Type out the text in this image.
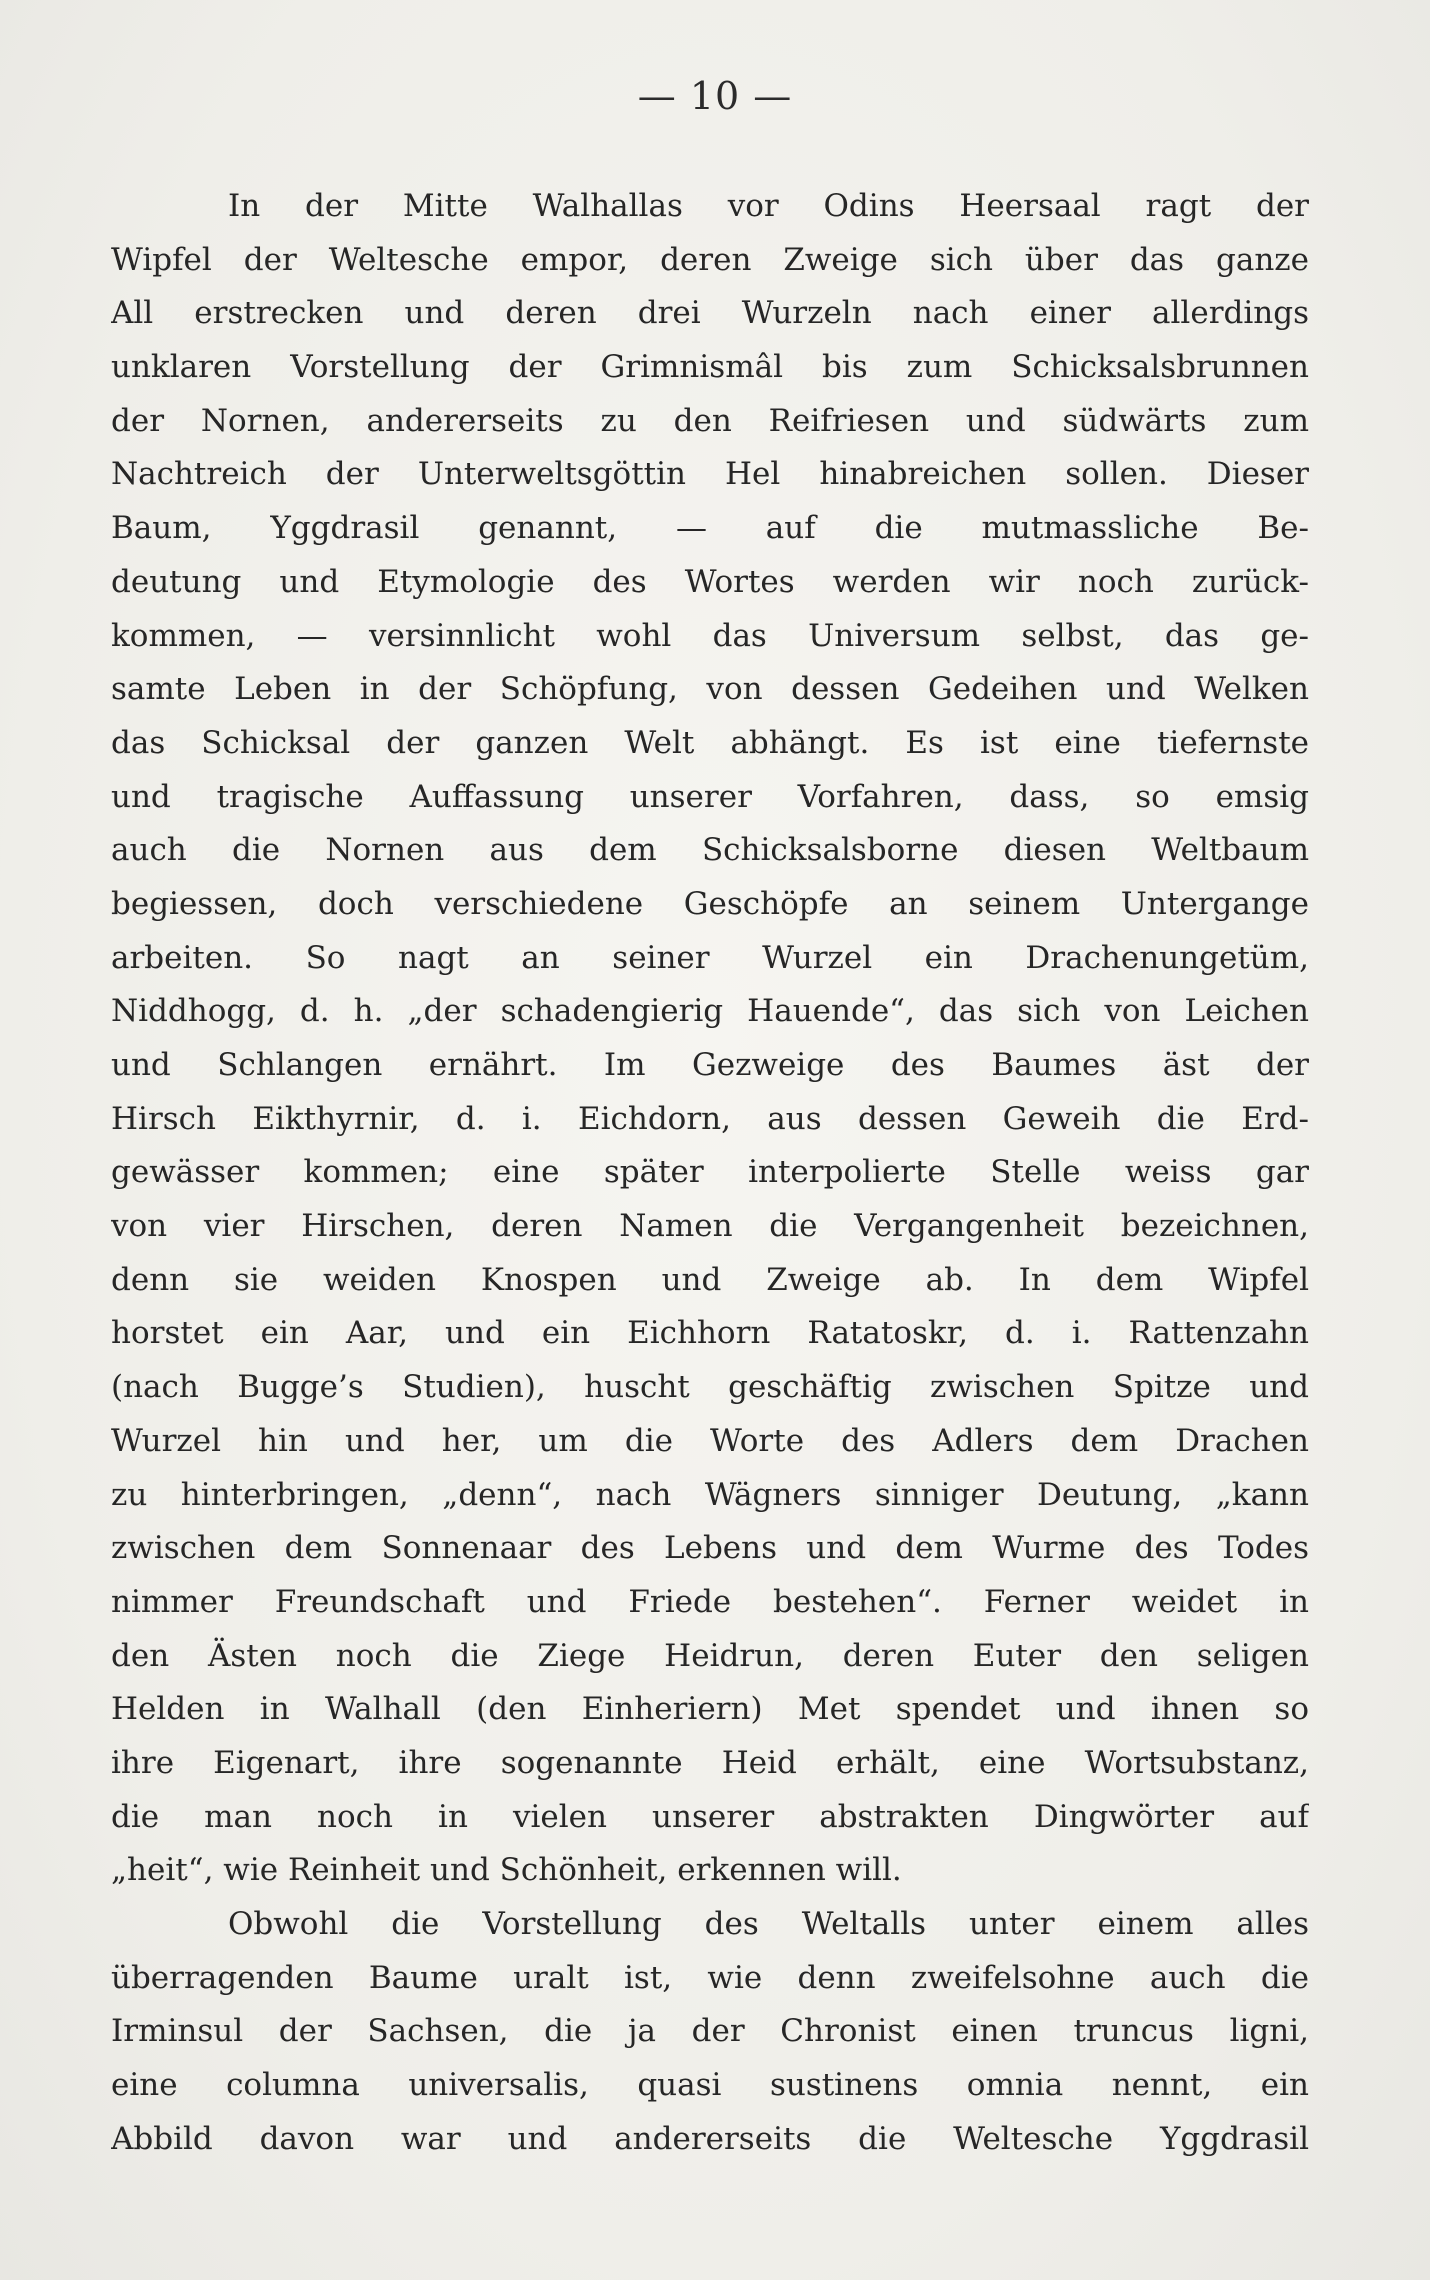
— 10 —
In der Mitte Walhallas vor Odins Heersaal ragt der
Wipfel der Weltesche empor, deren Zweige sich über das ganze
All erstrecken und deren drei Wurzeln nach einer allerdings
unklaren Vorstellung der Grimnismâl bis zum Schicksalsbrunnen
der Nornen, andererseits zu den Reifriesen und südwärts zum
Nachtreich der Unterweltsgöttin Hel hinabreichen sollen. Dieser
Baum, Yggdrasil genannt, — auf die mutmassliche Be-
deutung und Etymologie des Wortes werden wir noch zurück-
kommen, — versinnlicht wohl das Universum selbst, das ge-
samte Leben in der Schöpfung, von dessen Gedeihen und Welken
das Schicksal der ganzen Welt abhängt. Es ist eine tiefernste
und tragische Auffassung unserer Vorfahren, dass, so emsig
auch die Nornen aus dem Schicksalsborne diesen Weltbaum
begiessen, doch verschiedene Geschöpfe an seinem Untergange
arbeiten. So nagt an seiner Wurzel ein Drachenungetüm,
Niddhogg, d. h. „der schadengierig Hauende“, das sich von Leichen
und Schlangen ernährt. Im Gezweige des Baumes äst der
Hirsch Eikthyrnir, d. i. Eichdorn, aus dessen Geweih die Erd-
gewässer kommen; eine später interpolierte Stelle weiss gar
von vier Hirschen, deren Namen die Vergangenheit bezeichnen,
denn sie weiden Knospen und Zweige ab. In dem Wipfel
horstet ein Aar, und ein Eichhorn Ratatoskr, d. i. Rattenzahn
(nach Bugge’s Studien), huscht geschäftig zwischen Spitze und
Wurzel hin und her, um die Worte des Adlers dem Drachen
zu hinterbringen, „denn“, nach Wägners sinniger Deutung, „kann
zwischen dem Sonnenaar des Lebens und dem Wurme des Todes
nimmer Freundschaft und Friede bestehen“. Ferner weidet in
den Ästen noch die Ziege Heidrun, deren Euter den seligen
Helden in Walhall (den Einheriern) Met spendet und ihnen so
ihre Eigenart, ihre sogenannte Heid erhält, eine Wortsubstanz,
die man noch in vielen unserer abstrakten Dingwörter auf
„heit“, wie Reinheit und Schönheit, erkennen will.
Obwohl die Vorstellung des Weltalls unter einem alles
überragenden Baume uralt ist, wie denn zweifelsohne auch die
Irminsul der Sachsen, die ja der Chronist einen truncus ligni,
eine columna universalis, quasi sustinens omnia nennt, ein
Abbild davon war und andererseits die Weltesche Yggdrasil
